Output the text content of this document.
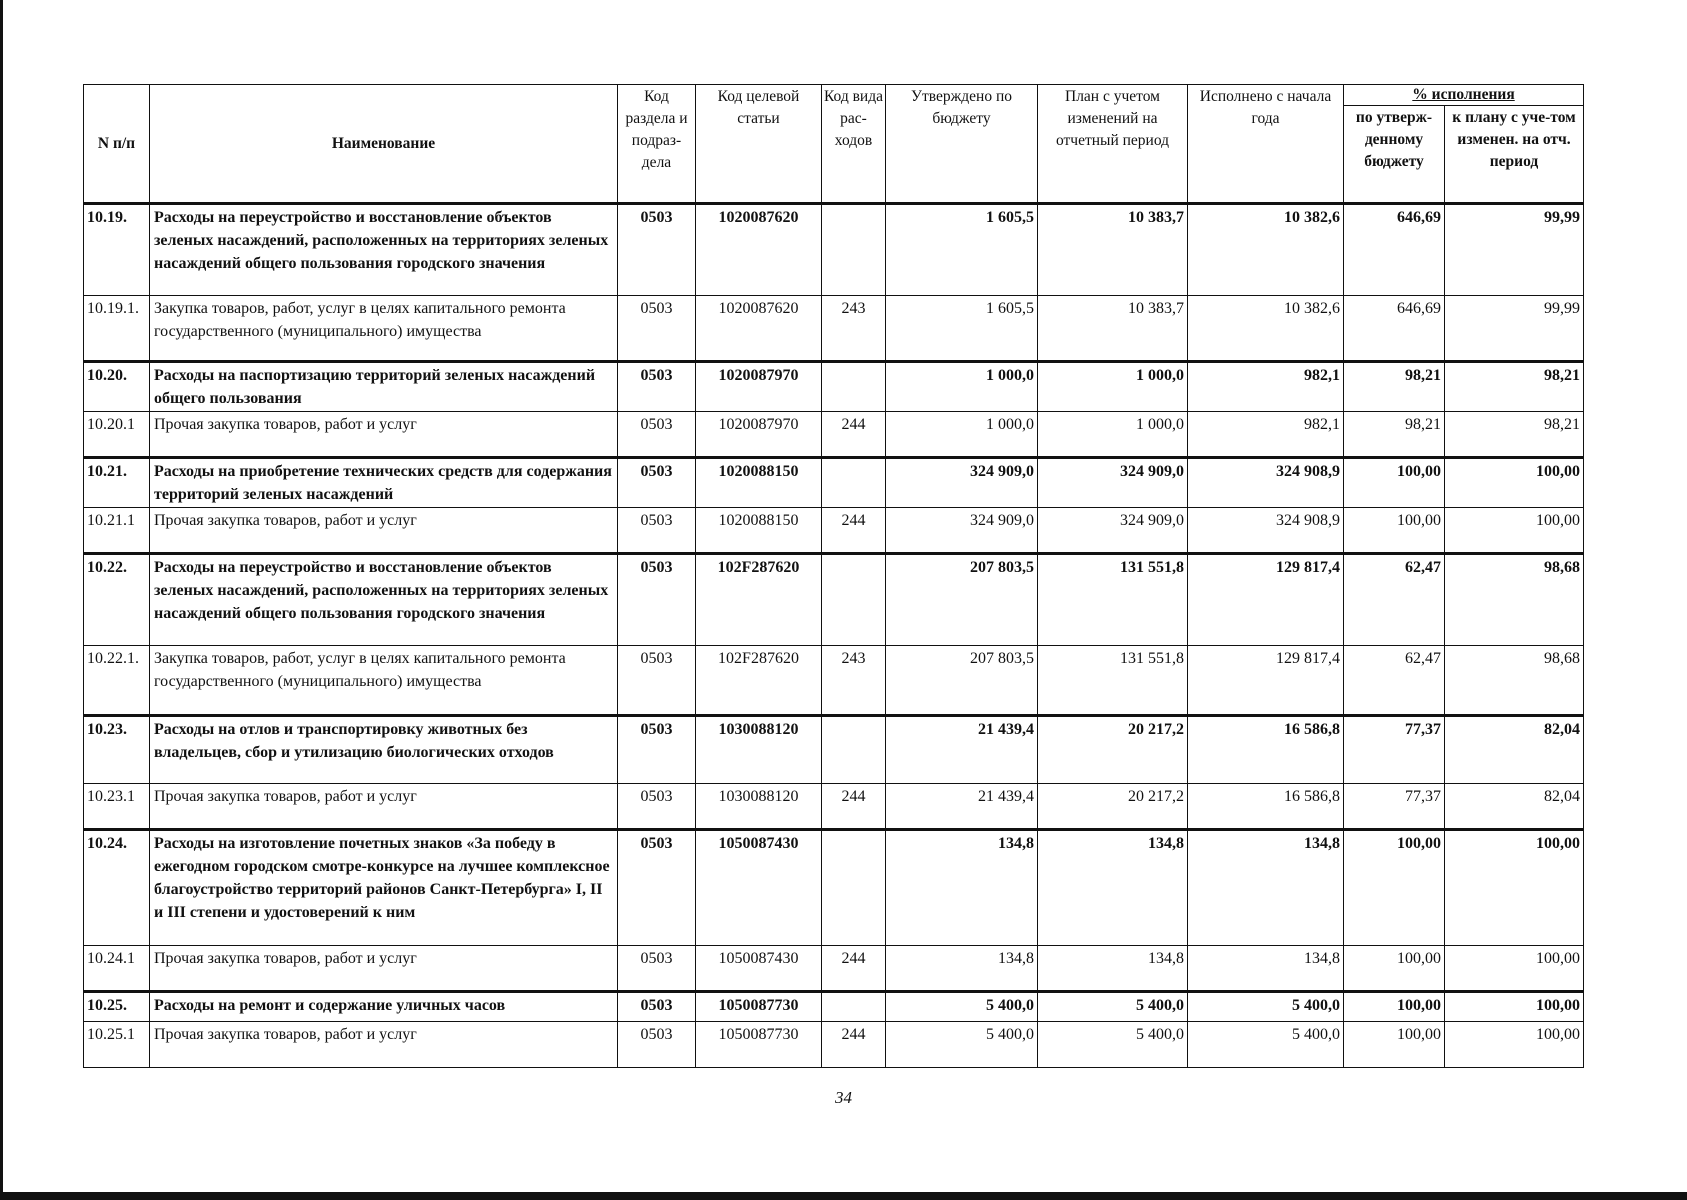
N п/п	Наименование	Код раздела и подраз-дела	Код целевой статьи	Код вида рас-ходов	Утверждено по бюджету	План с учетом изменений на отчетный период	Исполнено с начала года	% исполнения	
								по утверж-денному бюджету	к плану с уче-том изменен. на отч. период
10.19.	Расходы на переустройство и восстановление объектов зеленых насаждений, расположенных на территориях зеленых насаждений общего пользования городского значения	0503	1020087620		1 605,5	10 383,7	10 382,6	646,69	99,99
10.19.1.	Закупка товаров, работ, услуг в целях капитального ремонта государственного (муниципального) имущества	0503	1020087620	243	1 605,5	10 383,7	10 382,6	646,69	99,99
10.20.	Расходы на паспортизацию территорий зеленых насаждений общего пользования	0503	1020087970		1 000,0	1 000,0	982,1	98,21	98,21
10.20.1	Прочая закупка товаров, работ и услуг	0503	1020087970	244	1 000,0	1 000,0	982,1	98,21	98,21
10.21.	Расходы на приобретение технических средств для содержания территорий зеленых насаждений	0503	1020088150		324 909,0	324 909,0	324 908,9	100,00	100,00
10.21.1	Прочая закупка товаров, работ и услуг	0503	1020088150	244	324 909,0	324 909,0	324 908,9	100,00	100,00
10.22.	Расходы на переустройство и восстановление объектов зеленых насаждений, расположенных на территориях зеленых насаждений общего пользования городского значения	0503	102F287620		207 803,5	131 551,8	129 817,4	62,47	98,68
10.22.1.	Закупка товаров, работ, услуг в целях капитального ремонта государственного (муниципального) имущества	0503	102F287620	243	207 803,5	131 551,8	129 817,4	62,47	98,68
10.23.	Расходы на отлов и транспортировку животных без владельцев, сбор и утилизацию биологических отходов	0503	1030088120		21 439,4	20 217,2	16 586,8	77,37	82,04
10.23.1	Прочая закупка товаров, работ и услуг	0503	1030088120	244	21 439,4	20 217,2	16 586,8	77,37	82,04
10.24.	Расходы на изготовление почетных знаков «За победу в ежегодном городском смотре-конкурсе на лучшее комплексное благоустройство территорий районов Санкт-Петербурга» I, II и III степени и удостоверений к ним	0503	1050087430		134,8	134,8	134,8	100,00	100,00
10.24.1	Прочая закупка товаров, работ и услуг	0503	1050087430	244	134,8	134,8	134,8	100,00	100,00
10.25.	Расходы на ремонт и содержание уличных часов	0503	1050087730		5 400,0	5 400,0	5 400,0	100,00	100,00
10.25.1	Прочая закупка товаров, работ и услуг	0503	1050087730	244	5 400,0	5 400,0	5 400,0	100,00	100,00
34
